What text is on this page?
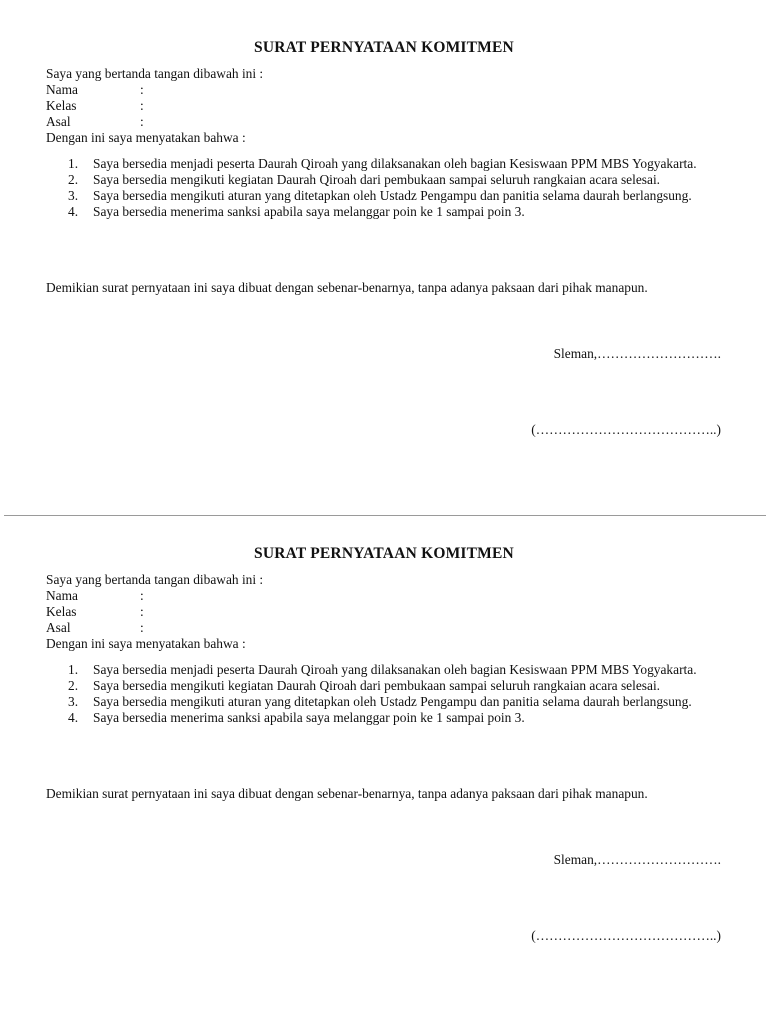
SURAT PERNYATAAN KOMITMEN
Saya yang bertanda tangan dibawah ini :
Nama	:
Kelas	:
Asal	:
Dengan ini saya menyatakan bahwa :
1. Saya bersedia menjadi peserta Daurah Qiroah yang dilaksanakan oleh bagian Kesiswaan PPM MBS Yogyakarta.
2. Saya bersedia mengikuti kegiatan Daurah Qiroah dari pembukaan sampai seluruh rangkaian acara selesai.
3. Saya bersedia mengikuti aturan yang ditetapkan oleh Ustadz Pengampu dan panitia selama daurah berlangsung.
4. Saya bersedia menerima sanksi apabila saya melanggar poin ke 1 sampai poin 3.
Demikian surat pernyataan ini saya dibuat dengan sebenar-benarnya, tanpa adanya paksaan dari pihak manapun.
Sleman,……………………….
(…………………………………..)
SURAT PERNYATAAN KOMITMEN
Saya yang bertanda tangan dibawah ini :
Nama	:
Kelas	:
Asal	:
Dengan ini saya menyatakan bahwa :
1. Saya bersedia menjadi peserta Daurah Qiroah yang dilaksanakan oleh bagian Kesiswaan PPM MBS Yogyakarta.
2. Saya bersedia mengikuti kegiatan Daurah Qiroah dari pembukaan sampai seluruh rangkaian acara selesai.
3. Saya bersedia mengikuti aturan yang ditetapkan oleh Ustadz Pengampu dan panitia selama daurah berlangsung.
4. Saya bersedia menerima sanksi apabila saya melanggar poin ke 1 sampai poin 3.
Demikian surat pernyataan ini saya dibuat dengan sebenar-benarnya, tanpa adanya paksaan dari pihak manapun.
Sleman,……………………….
(…………………………………..)
